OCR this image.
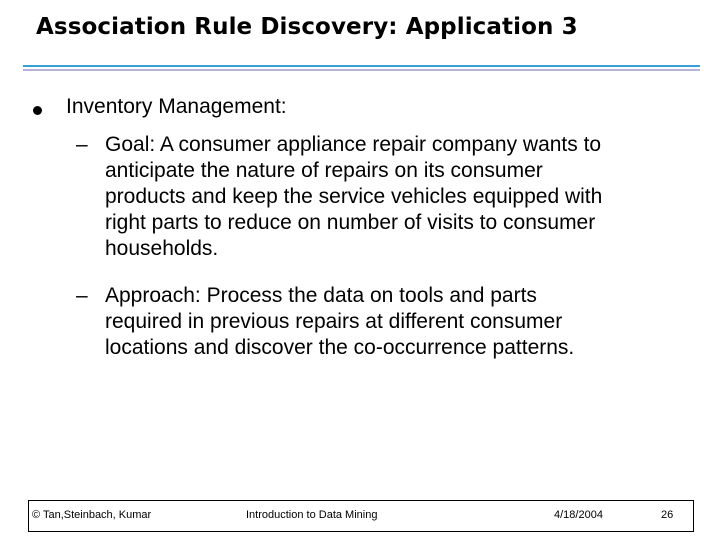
Association Rule Discovery: Application 3
Inventory Management:
– Goal: A consumer appliance repair company wants to
anticipate the nature of repairs on its consumer
products and keep the service vehicles equipped with
right parts to reduce on number of visits to consumer
households.
– Approach: Process the data on tools and parts
required in previous repairs at different consumer
locations and discover the co-occurrence patterns.
© Tan,Steinbach, Kumar	Introduction to Data Mining	4/18/2004	26
